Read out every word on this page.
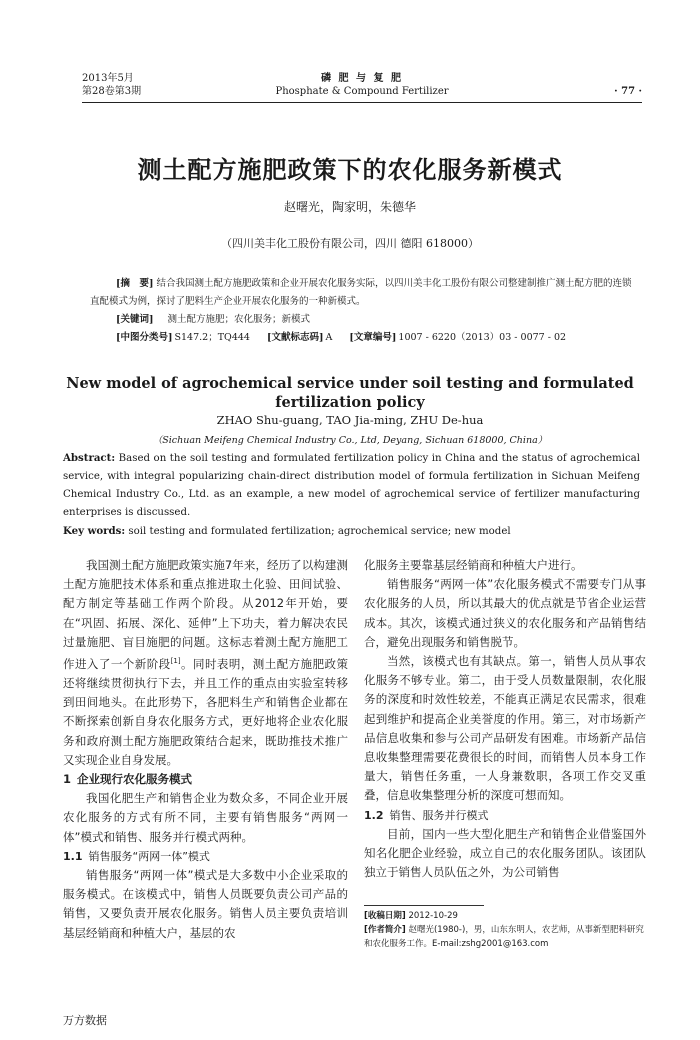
2013年5月
第28卷第3期
磷 肥 与 复 肥
Phosphate & Compound Fertilizer	· 77 ·
测土配方施肥政策下的农化服务新模式
赵曙光，陶家明，朱德华
（四川美丰化工股份有限公司，四川 德阳 618000）

[摘　要] 结合我国测土配方施肥政策和企业开展农化服务实际，以四川美丰化工股份有限公司整建制推广测土配方肥的连锁直配模式为例，探讨了肥料生产企业开展农化服务的一种新模式。

[关键词] 测土配方施肥；农化服务；新模式

[中图分类号] S147.2；TQ444 [文献标志码] A [文章编号] 1007 - 6220（2013）03 - 0077 - 02

New model of agrochemical service under soil testing and formulated fertilization policy
ZHAO Shu-guang, TAO Jia-ming, ZHU De-hua
（Sichuan Meifeng Chemical Industry Co., Ltd, Deyang, Sichuan 618000, China）
Abstract: Based on the soil testing and formulated fertilization policy in China and the status of agrochemical service, with integral popularizing chain-direct distribution model of formula fertilization in Sichuan Meifeng Chemical Industry Co., Ltd. as an example, a new model of agrochemical service of fertilizer manufacturing enterprises is discussed.
Key words: soil testing and formulated fertilization; agrochemical service; new model

我国测土配方施肥政策实施7年来，经历了以构建测土配方施肥技术体系和重点推进取土化验、田间试验、配方制定等基础工作两个阶段。从2012年开始，要在“巩固、拓展、深化、延伸”上下功夫，着力解决农民过量施肥、盲目施肥的问题。这标志着测土配方施肥工作进入了一个新阶段[1]。同时表明，测土配方施肥政策还将继续贯彻执行下去，并且工作的重点由实验室转移到田间地头。在此形势下，各肥料生产和销售企业都在不断探索创新自身农化服务方式，更好地将企业农化服务和政府测土配方施肥政策结合起来，既助推技术推广又实现企业自身发展。

1 企业现行农化服务模式

我国化肥生产和销售企业为数众多，不同企业开展农化服务的方式有所不同，主要有销售服务“两网一体”模式和销售、服务并行模式两种。

1.1 销售服务“两网一体”模式

销售服务“两网一体”模式是大多数中小企业采取的服务模式。在该模式中，销售人员既要负责公司产品的销售，又要负责开展农化服务。销售人员主要负责培训基层经销商和种植大户，基层的农

化服务主要靠基层经销商和种植大户进行。

销售服务“两网一体”农化服务模式不需要专门从事农化服务的人员，所以其最大的优点就是节省企业运营成本。其次，该模式通过狭义的农化服务和产品销售结合，避免出现服务和销售脱节。

当然，该模式也有其缺点。第一，销售人员从事农化服务不够专业。第二，由于受人员数量限制，农化服务的深度和时效性较差，不能真正满足农民需求，很难起到维护和提高企业美誉度的作用。第三，对市场新产品信息收集和参与公司产品研发有困难。市场新产品信息收集整理需要花费很长的时间，而销售人员本身工作量大，销售任务重，一人身兼数职，各项工作交叉重叠，信息收集整理分析的深度可想而知。

1.2 销售、服务并行模式

目前，国内一些大型化肥生产和销售企业借鉴国外知名化肥企业经验，成立自己的农化服务团队。该团队独立于销售人员队伍之外，为公司销售

[收稿日期] 2012-10-29
[作者简介] 赵曙光(1980-)，男，山东东明人，农艺师，从事新型肥料研究和农化服务工作。E-mail:zshg2001@163.com
万方数据
